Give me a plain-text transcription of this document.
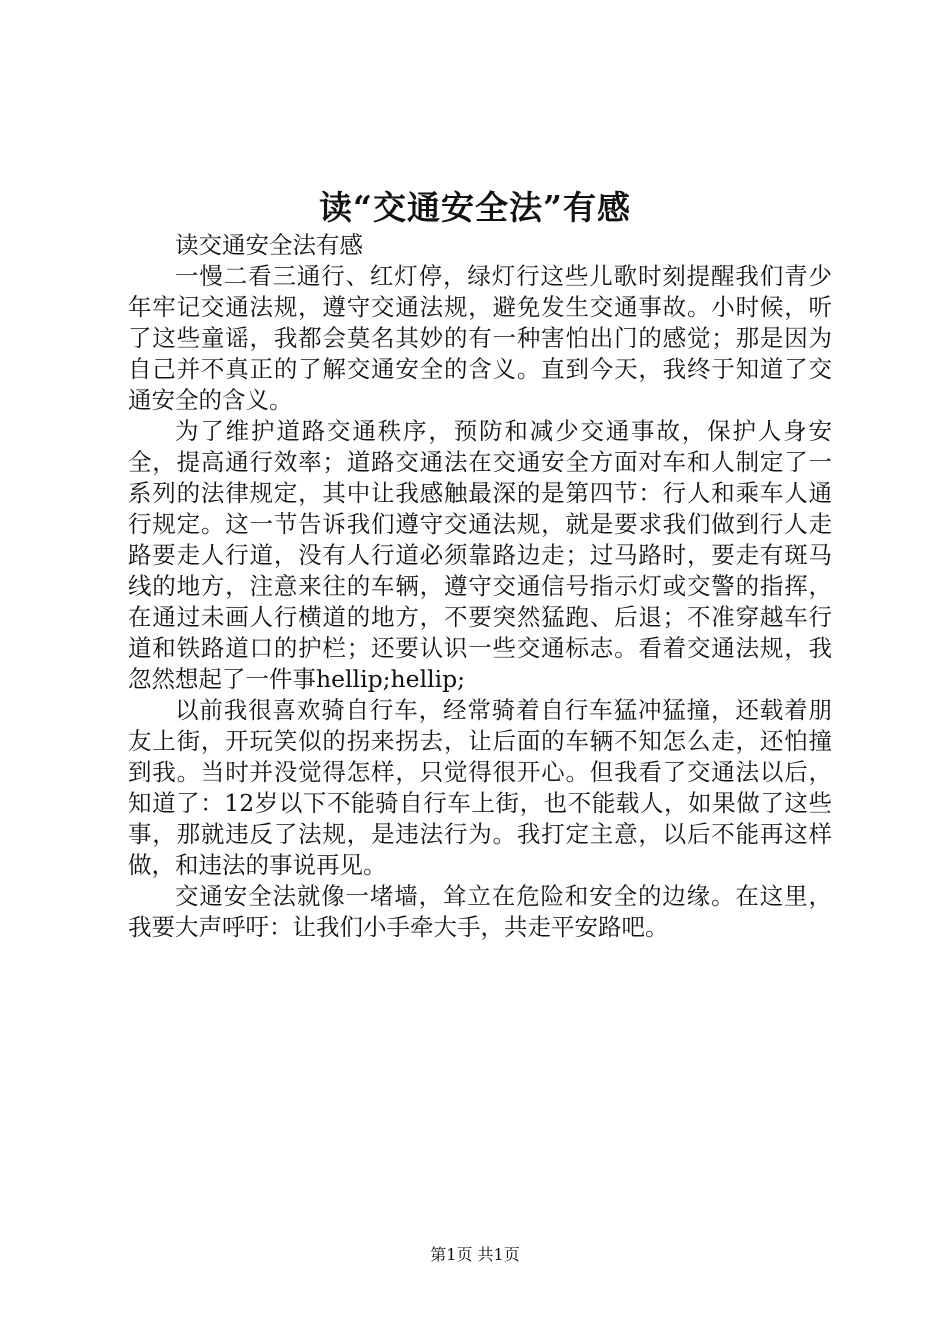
读“交通安全法”有感

读交通安全法有感

一慢二看三通行、红灯停，绿灯行这些儿歌时刻提醒我们青少年牢记交通法规，遵守交通法规，避免发生交通事故。小时候，听了这些童谣，我都会莫名其妙的有一种害怕出门的感觉；那是因为自己并不真正的了解交通安全的含义。直到今天，我终于知道了交通安全的含义。

为了维护道路交通秩序，预防和减少交通事故，保护人身安全，提高通行效率；道路交通法在交通安全方面对车和人制定了一系列的法律规定，其中让我感触最深的是第四节：行人和乘车人通行规定。这一节告诉我们遵守交通法规，就是要求我们做到行人走路要走人行道，没有人行道必须靠路边走；过马路时，要走有斑马线的地方，注意来往的车辆，遵守交通信号指示灯或交警的指挥，在通过未画人行横道的地方，不要突然猛跑、后退；不准穿越车行道和铁路道口的护栏；还要认识一些交通标志。看着交通法规，我忽然想起了一件事hellip;hellip;

以前我很喜欢骑自行车，经常骑着自行车猛冲猛撞，还载着朋友上街，开玩笑似的拐来拐去，让后面的车辆不知怎么走，还怕撞到我。当时并没觉得怎样，只觉得很开心。但我看了交通法以后，知道了：12岁以下不能骑自行车上街，也不能载人，如果做了这些事，那就违反了法规，是违法行为。我打定主意，以后不能再这样做，和违法的事说再见。

交通安全法就像一堵墙，耸立在危险和安全的边缘。在这里，我要大声呼吁：让我们小手牵大手，共走平安路吧。

第1页 共1页
